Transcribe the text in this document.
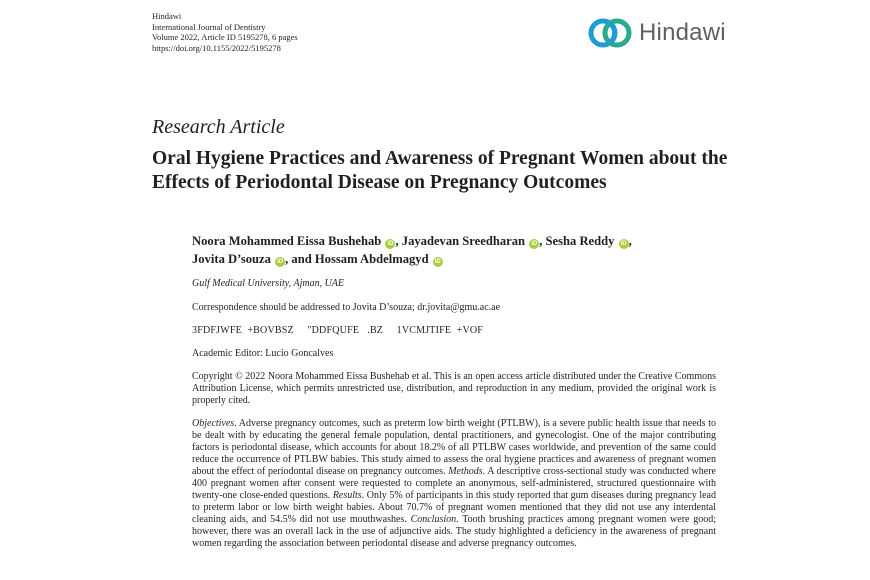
Hindawi
International Journal of Dentistry
Volume 2022, Article ID 5195278, 6 pages
https://doi.org/10.1155/2022/5195278
Hindawi
Research Article
Oral Hygiene Practices and Awareness of Pregnant Women about the Effects of Periodontal Disease on Pregnancy Outcomes
Noora Mohammed Eissa Bushehab iD , Jayadevan Sreedharan iD , Sesha Reddy iD ,
Jovita D’souza iD , and Hossam Abdelmagyd iD
Gulf Medical University, Ajman, UAE
Correspondence should be addressed to Jovita D’souza; dr.jovita@gmu.ac.ae
3FDFJWFE  +BOVBSZ     "DDFQUFE   .BZ     1VCMJTIFE  +VOF
Academic Editor: Lucio Goncalves
Copyright © 2022 Noora Mohammed Eissa Bushehab et al. This is an open access article distributed under the Creative Commons Attribution License, which permits unrestricted use, distribution, and reproduction in any medium, provided the original work is properly cited.
Objectives. Adverse pregnancy outcomes, such as preterm low birth weight (PTLBW), is a severe public health issue that needs to be dealt with by educating the general female population, dental practitioners, and gynecologist. One of the major contributing factors is periodontal disease, which accounts for about 18.2% of all PTLBW cases worldwide, and prevention of the same could reduce the occurrence of PTLBW babies. This study aimed to assess the oral hygiene practices and awareness of pregnant women about the effect of periodontal disease on pregnancy outcomes. Methods. A descriptive cross-sectional study was conducted where 400 pregnant women after consent were requested to complete an anonymous, self-administered, structured questionnaire with twenty-one close-ended questions. Results. Only 5% of participants in this study reported that gum diseases during pregnancy lead to preterm labor or low birth weight babies. About 70.7% of pregnant women mentioned that they did not use any interdental cleaning aids, and 54.5% did not use mouthwashes. Conclusion. Tooth brushing practices among pregnant women were good; however, there was an overall lack in the use of adjunctive aids. The study highlighted a deficiency in the awareness of pregnant women regarding the association between periodontal disease and adverse pregnancy outcomes.
